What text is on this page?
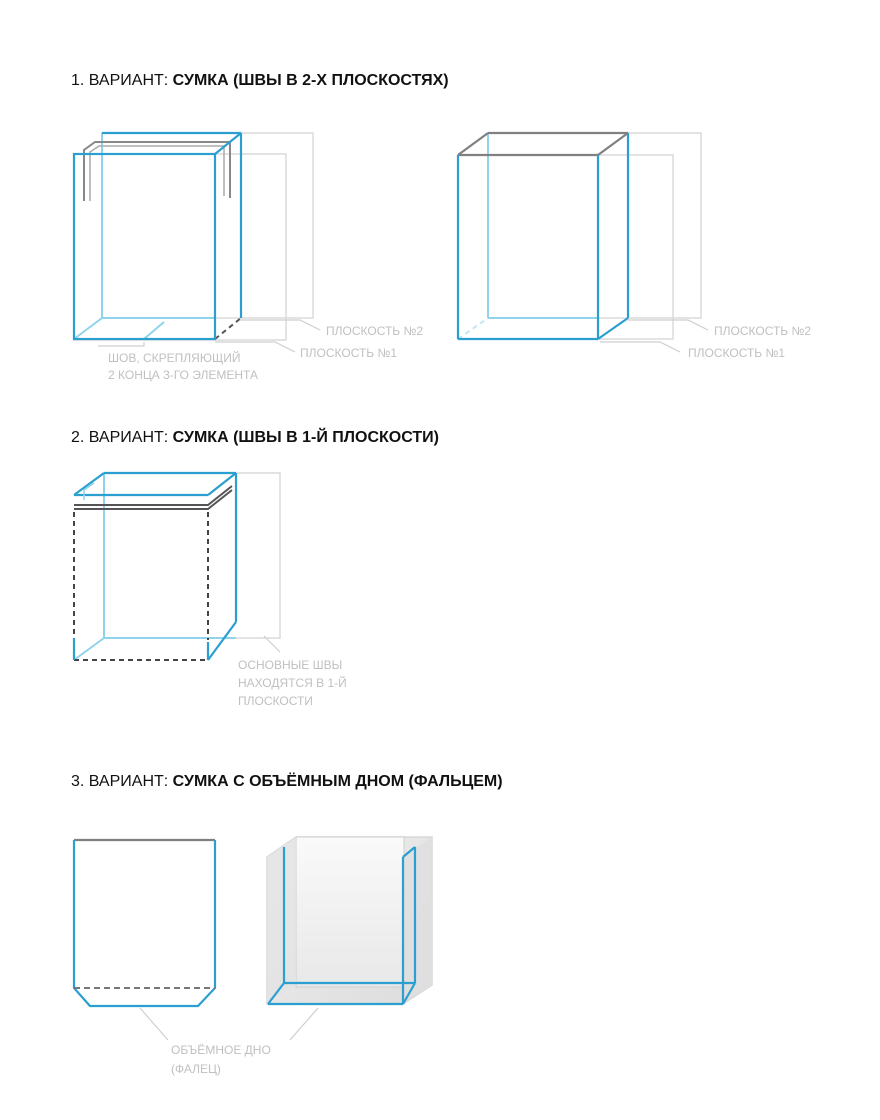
1. ВАРИАНТ: СУМКА (ШВЫ В 2-Х ПЛОСКОСТЯХ)
2. ВАРИАНТ: СУМКА (ШВЫ В 1-Й ПЛОСКОСТИ)
3. ВАРИАНТ: СУМКА С ОБЪЁМНЫМ ДНОМ (ФАЛЬЦЕМ)
ПЛОСКОСТЬ №2
ПЛОСКОСТЬ №1
ШОВ, СКРЕПЛЯЮЩИЙ
2 КОНЦА 3-ГО ЭЛЕМЕНТА
ПЛОСКОСТЬ №2
ПЛОСКОСТЬ №1
ОСНОВНЫЕ ШВЫ
НАХОДЯТСЯ В 1-Й
ПЛОСКОСТИ
ОБЪЁМНОЕ ДНО
(ФАЛЕЦ)
